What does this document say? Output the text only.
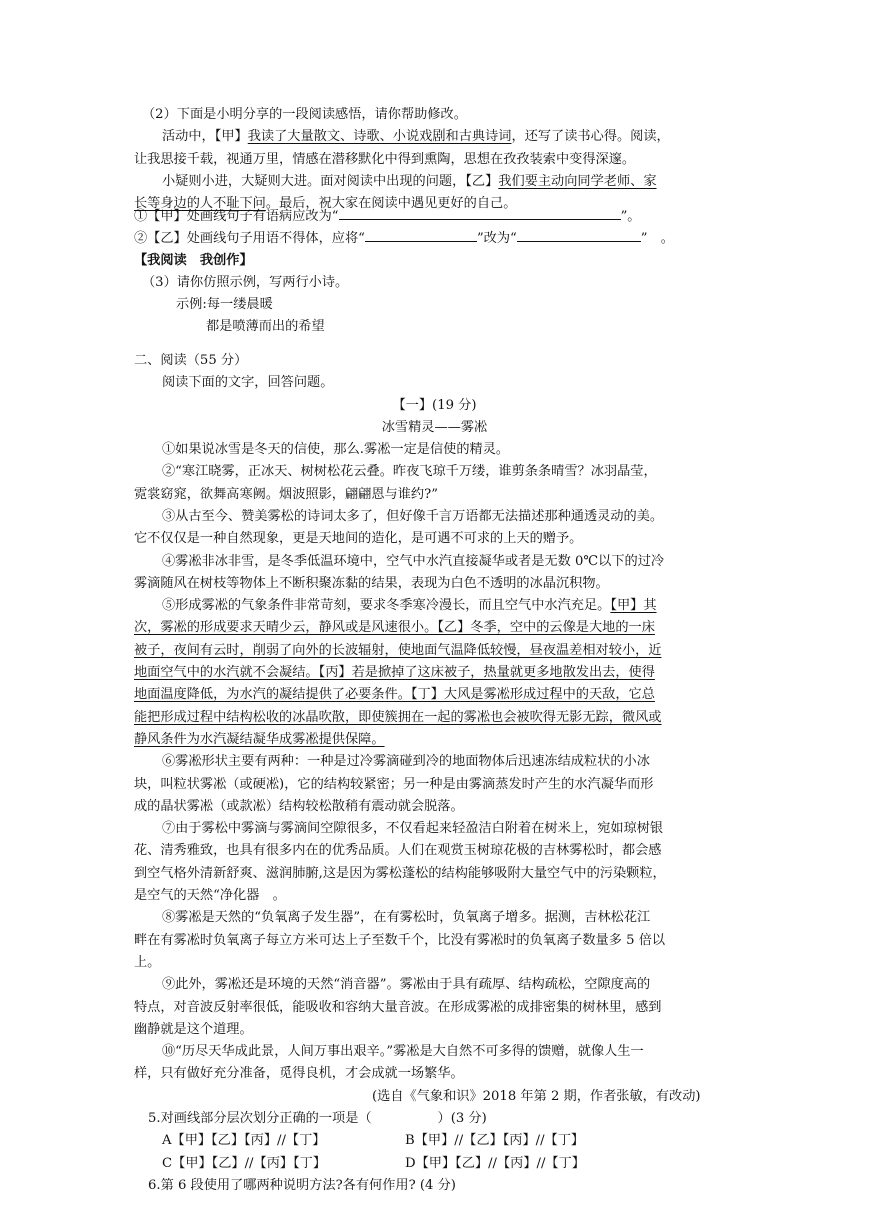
（2）下面是小明分享的一段阅读感悟，请你帮助修改。
活动中，【甲】我读了大量散文、诗歌、小说戏剧和古典诗词，还写了读书心得。阅读，
让我思接千载，视通万里，情感在潜移默化中得到熏陶，思想在孜孜装索中变得深邃。
小疑则小进，大疑则大进。面对阅读中出现的问题，【乙】我们要主动向同学老师、家
长等身边的人不耻下问。最后，祝大家在阅读中遇见更好的自己。
①【甲】处画线句子有语病应改为“	”。
②【乙】处画线句子用语不得体，应将“	”改为“	”　。
【我阅读　我创作】
（3）请你仿照示例，写两行小诗。
示例:每一缕晨暖
都是喷薄而出的希望
二、阅读（55 分）
阅读下面的文字，回答问题。
【一】(19 分)
冰雪精灵——雾凇
①如果说冰雪是冬天的信使，那么.雾凇一定是信使的精灵。
②“寒江晓雾，正冰天、树树松花云叠。昨夜飞琼千万缕，谁剪条条晴雪？冰羽晶莹，
霓裳窈窕，欲舞高寒阙。烟波照影，翩翩恩与谁约?”
③从古至今、赞美雾松的诗词太多了，但好像千言万语都无法描述那种通透灵动的美。
它不仅仅是一种自然现象，更是天地间的造化，是可遇不可求的上天的赠予。
④雾凇非冰非雪，是冬季低温环境中，空气中水汽直接凝华或者是无数 0℃以下的过冷
雾滴随风在树枝等物体上不断积聚冻黏的结果，表现为白色不透明的冰晶沉积物。
⑤形成雾凇的气象条件非常苛刻，要求冬季寒冷漫长，而且空气中水汽充足。【甲】其
次，雾凇的形成要求天晴少云，静风或是风速很小。【乙】冬季，空中的云像是大地的一床
被子，夜间有云时，削弱了向外的长波辐射，使地面气温降低较慢，昼夜温差相对较小，近
地面空气中的水汽就不会凝结。【丙】若是掀掉了这床被子，热量就更多地散发出去，使得
地面温度降低，为水汽的凝结提供了必要条件。【丁】大风是雾凇形成过程中的天敌，它总
能把形成过程中结构松收的冰晶吹散，即使簇拥在一起的雾凇也会被吹得无影无踪，微风或
静风条件为水汽凝结凝华成雾凇提供保障。
⑥雾凇形状主要有两种：一种是过冷雾滴碰到冷的地面物体后迅速冻结成粒状的小冰
块，叫粒状雾凇（或硬凇)，它的结构较紧密；另一种是由雾滴蒸发时产生的水汽凝华而形
成的晶状雾凇（或款凇）结构较松散稍有震动就会脱落。
⑦由于雾松中雾滴与雾滴间空隙很多，不仅看起来轻盈洁白附着在树米上，宛如琼树银
花、清秀雅致，也具有很多内在的优秀品质。人们在观赏玉树琼花极的吉林雾松时，都会感
到空气格外清新舒爽、滋润肺腑,这是因为雾松蓬松的结构能够吸附大量空气中的污染颗粒，
是空气的天然“净化器　。
⑧雾凇是天然的“负氧离子发生器”，在有雾松时，负氧离子增多。据测，吉林松花江
畔在有雾凇时负氧离子每立方米可达上子至数千个，比没有雾凇时的负氧离子数量多 5 倍以
上。
⑨此外，雾凇还是环境的天然“消音器”。雾凇由于具有疏厚、结构疏松，空隙度高的
特点，对音波反射率很低，能吸收和容纳大量音波。在形成雾凇的成排密集的树林里，感到
幽静就是这个道理。
⑩“历尽天华成此景，人间万事出艰辛。”雾凇是大自然不可多得的馈赠，就像人生一
样，只有做好充分准备，觅得良机，才会成就一场繁华。
(选自《气象和识》2018 年第 2 期，作者张敏，有改动)
5.对画线部分层次划分正确的一项是（　　　　　）(3 分)
A【甲】【乙】【丙】//【丁】	B【甲】//【乙】【丙】//【丁】
C【甲】【乙】//【丙】【丁】	D【甲】【乙】//【丙】//【丁】
6.第 6 段使用了哪两种说明方法?各有何作用? (4 分)
